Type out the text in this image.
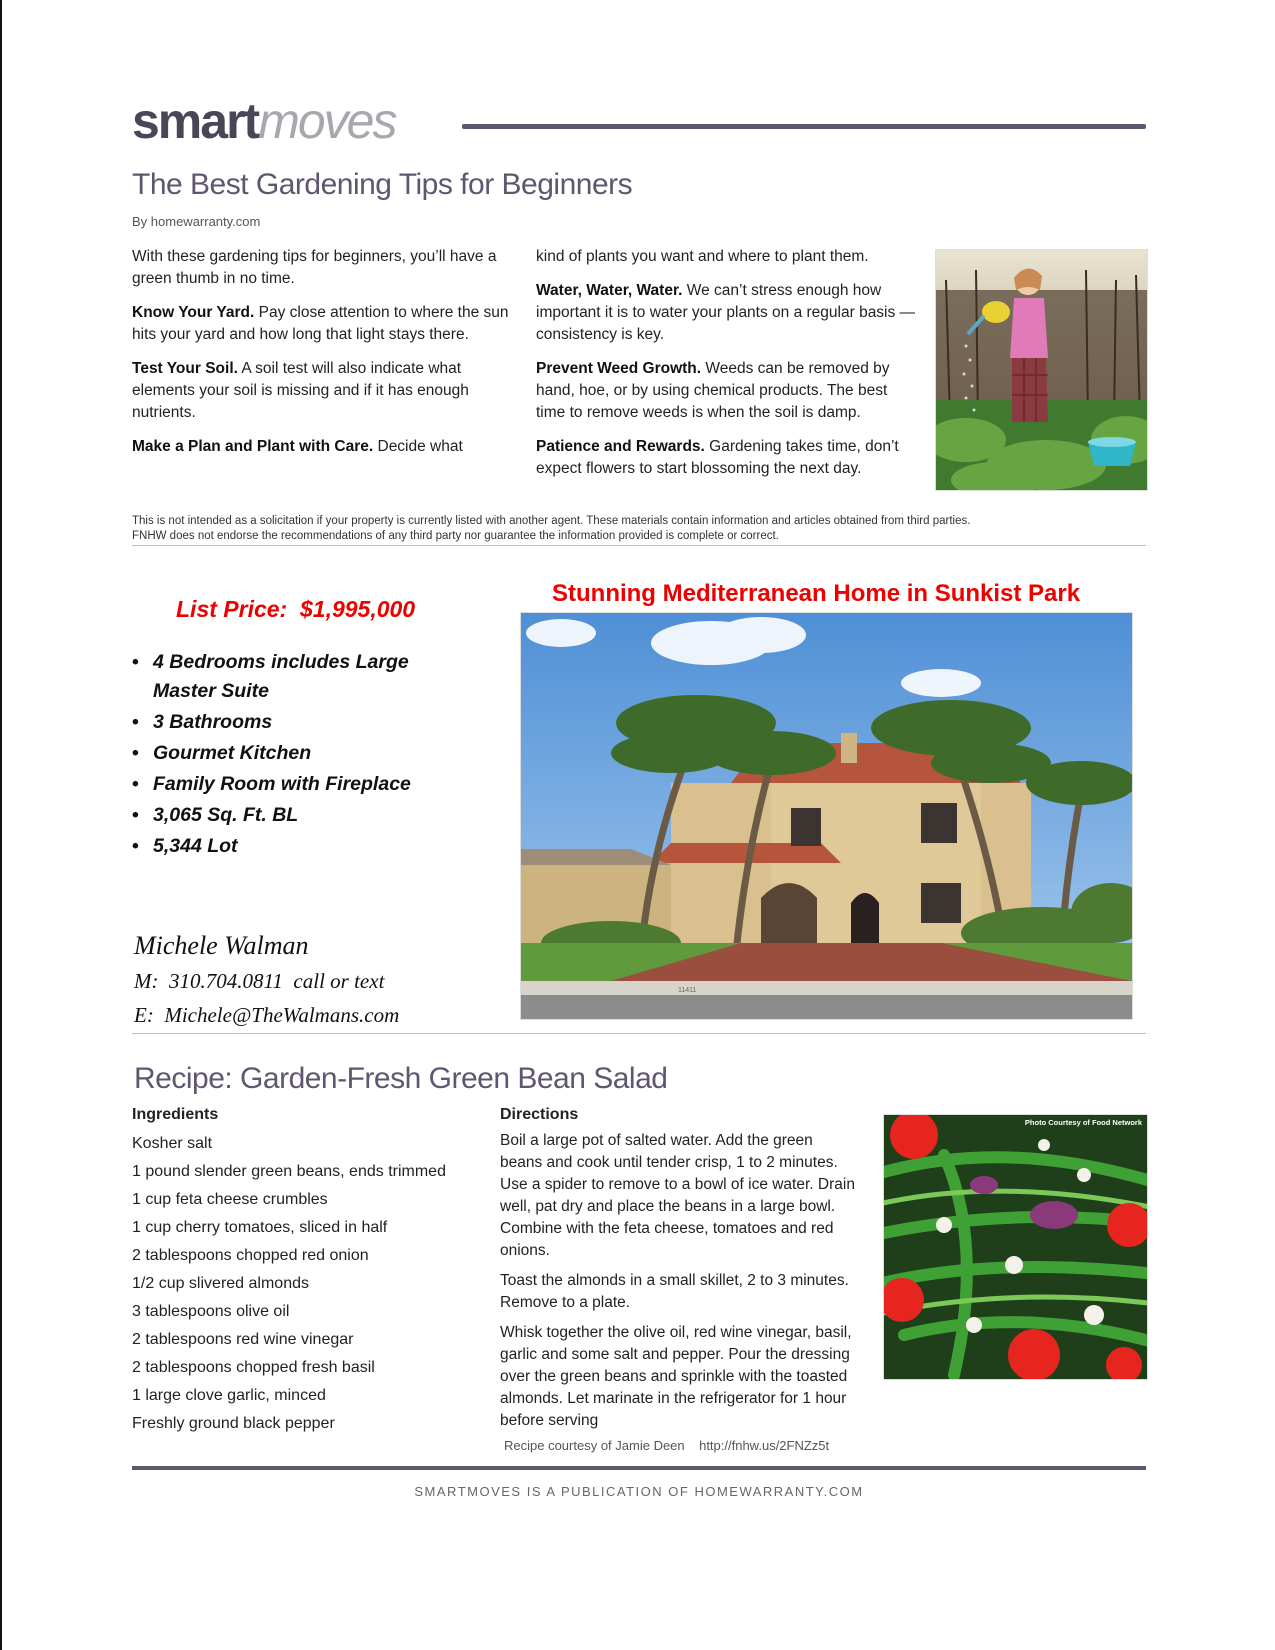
smartmoves
The Best Gardening Tips for Beginners
By homewarranty.com

With these gardening tips for beginners, you’ll have a green thumb in no time.

Know Your Yard. Pay close attention to where the sun hits your yard and how long that light stays there.

Test Your Soil. A soil test will also indicate what elements your soil is missing and if it has enough nutrients.

Make a Plan and Plant with Care. Decide what

kind of plants you want and where to plant them.

Water, Water, Water. We can’t stress enough how important it is to water your plants on a regular basis — consistency is key.

Prevent Weed Growth. Weeds can be removed by hand, hoe, or by using chemical products. The best time to remove weeds is when the soil is damp.

Patience and Rewards. Gardening takes time, don’t expect flowers to start blossoming the next day.

This is not intended as a solicitation if your property is currently listed with another agent. These materials contain information and articles obtained from third parties.
FNHW does not endorse the recommendations of any third party nor guarantee the information provided is complete or correct.
List Price:  $1,995,000
Stunning Mediterranean Home in Sunkist Park
• 4 Bedrooms includes Large Master Suite
• 3 Bathrooms
• Gourmet Kitchen
• Family Room with Fireplace
• 3,065 Sq. Ft. BL
• 5,344 Lot
Michele Walman
M:  310.704.0811  call or text
E:  Michele@TheWalmans.com
11411
Recipe: Garden-Fresh Green Bean Salad
Ingredients
Kosher salt
1 pound slender green beans, ends trimmed
1 cup feta cheese crumbles
1 cup cherry tomatoes, sliced in half
2 tablespoons chopped red onion
1/2 cup slivered almonds
3 tablespoons olive oil
2 tablespoons red wine vinegar
2 tablespoons chopped fresh basil
1 large clove garlic, minced
Freshly ground black pepper
Directions

Boil a large pot of salted water. Add the green beans and cook until tender crisp, 1 to 2 minutes. Use a spider to remove to a bowl of ice water. Drain well, pat dry and place the beans in a large bowl. Combine with the feta cheese, tomatoes and red onions.

Toast the almonds in a small skillet, 2 to 3 minutes. Remove to a plate.

Whisk together the olive oil, red wine vinegar, basil, garlic and some salt and pepper. Pour the dressing over the green beans and sprinkle with the toasted almonds. Let marinate in the refrigerator for 1 hour before serving

Photo Courtesy of Food Network
Recipe courtesy of Jamie Deen    http://fnhw.us/2FNZz5t
SMARTMOVES IS A PUBLICATION OF HOMEWARRANTY.COM
